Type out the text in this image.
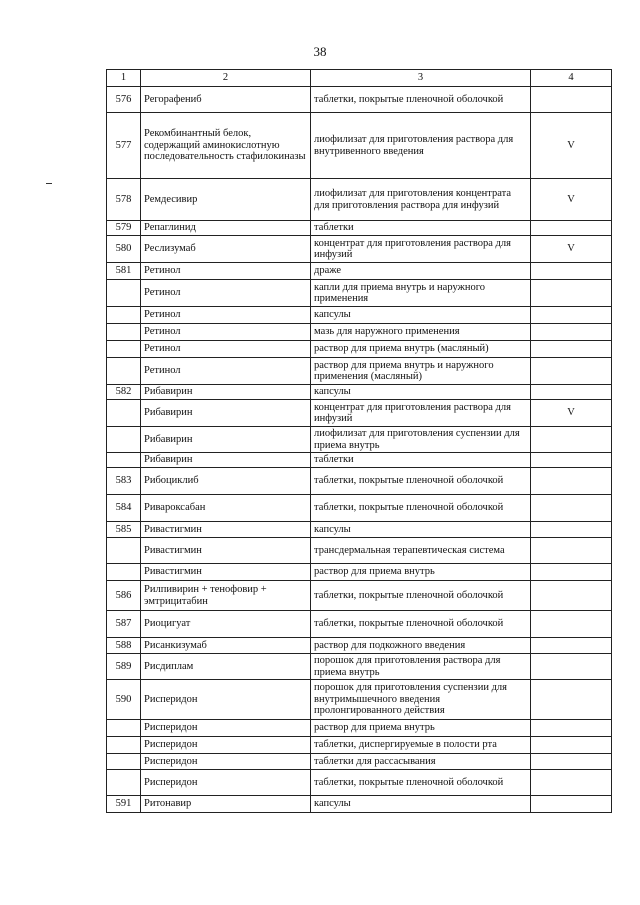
38
1	2	3	4
576	Регорафениб	таблетки, покрытые пленочной оболочкой	
577	Рекомбинантный белок, содержащий аминокислотную последовательность стафилокиназы	лиофилизат для приготовления раствора для внутривенного введения	V
578	Ремдесивир	лиофилизат для приготовления концентрата для приготовления раствора для инфузий	V
579	Репаглинид	таблетки	
580	Реслизумаб	концентрат для приготовления раствора для инфузий	V
581	Ретинол	драже	
	Ретинол	капли для приема внутрь и наружного применения	
	Ретинол	капсулы	
	Ретинол	мазь для наружного применения	
	Ретинол	раствор для приема внутрь (масляный)	
	Ретинол	раствор для приема внутрь и наружного применения (масляный)	
582	Рибавирин	капсулы	
	Рибавирин	концентрат для приготовления раствора для инфузий	V
	Рибавирин	лиофилизат для приготовления суспензии для приема внутрь	
	Рибавирин	таблетки	
583	Рибоциклиб	таблетки, покрытые пленочной оболочкой	
584	Ривароксабан	таблетки, покрытые пленочной оболочкой	
585	Ривастигмин	капсулы	
	Ривастигмин	трансдермальная терапевтическая система	
	Ривастигмин	раствор для приема внутрь	
586	Рилпивирин + тенофовир + эмтрицитабин	таблетки, покрытые пленочной оболочкой	
587	Риоцигуат	таблетки, покрытые пленочной оболочкой	
588	Рисанкизумаб	раствор для подкожного введения	
589	Рисдиплам	порошок для приготовления раствора для приема внутрь	
590	Рисперидон	порошок для приготовления суспензии для внутримышечного введения пролонгированного действия	
	Рисперидон	раствор для приема внутрь	
	Рисперидон	таблетки, диспергируемые в полости рта	
	Рисперидон	таблетки для рассасывания	
	Рисперидон	таблетки, покрытые пленочной оболочкой	
591	Ритонавир	капсулы	
